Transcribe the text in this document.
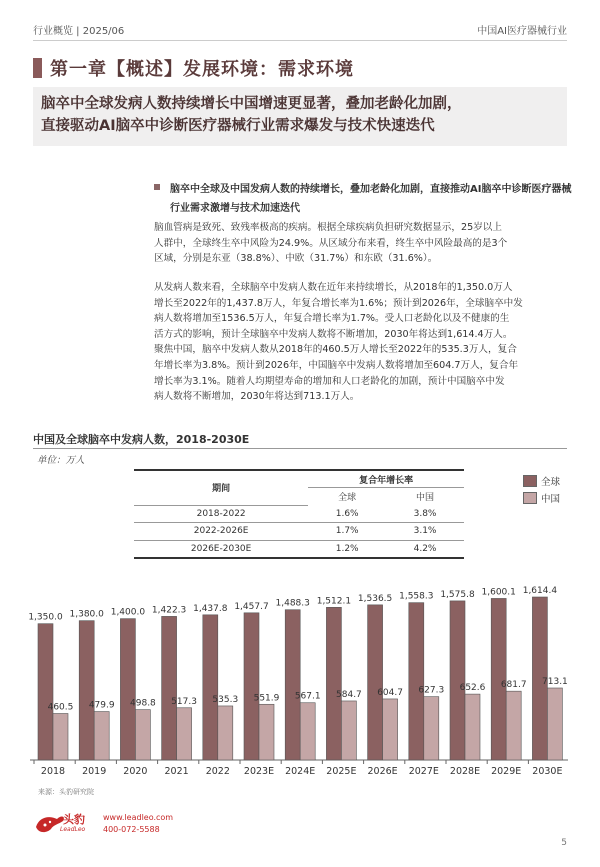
行业概览 | 2025/06	中国AI医疗器械行业
第一章【概述】发展环境：需求环境
脑卒中全球发病人数持续增长中国增速更显著，叠加老龄化加剧，
直接驱动AI脑卒中诊断医疗器械行业需求爆发与技术快速迭代
脑卒中全球及中国发病人数的持续增长，叠加老龄化加剧，直接推动AI脑卒中诊断医疗器械行业需求激增与技术加速迭代
脑血管病是致死、致残率极高的疾病。根据全球疾病负担研究数据显示，25岁以上
人群中，全球终生卒中风险为24.9%。从区域分布来看，终生卒中风险最高的是3个
区域，分别是东亚（38.8%）、中欧（31.7%）和东欧（31.6%）。
从发病人数来看，全球脑卒中发病人数在近年来持续增长，从2018年的1,350.0万人
增长至2022年的1,437.8万人，年复合增长率为1.6%；预计到2026年，全球脑卒中发
病人数将增加至1536.5万人，年复合增长率为1.7%。受人口老龄化以及不健康的生
活方式的影响，预计全球脑卒中发病人数将不断增加，2030年将达到1,614.4万人。
聚焦中国，脑卒中发病人数从2018年的460.5万人增长至2022年的535.3万人，复合
年增长率为3.8%。预计到2026年，中国脑卒中发病人数将增加至604.7万人，复合年
增长率为3.1%。随着人均期望寿命的增加和人口老龄化的加剧，预计中国脑卒中发
病人数将不断增加，2030年将达到713.1万人。
中国及全球脑卒中发病人数，2018-2030E
单位：万人
全球
中国
期间	复合年增长率	
	全球	中国
2018-2022	1.6%	3.8%
2022-2026E	1.7%	3.1%
2026E-2030E	1.2%	4.2%
1,350.0
460.5
2018
1,380.0
479.9
2019
1,400.0
498.8
2020
1,422.3
517.3
2021
1,437.8
535.3
2022
1,457.7
551.9
2023E
1,488.3
567.1
2024E
1,512.1
584.7
2025E
1,536.5
604.7
2026E
1,558.3
627.3
2027E
1,575.8
652.6
2028E
1,600.1
681.7
2029E
1,614.4
713.1
2030E
来源：头豹研究院
头豹
LeadLeo
www.leadleo.com
400-072-5588
5
